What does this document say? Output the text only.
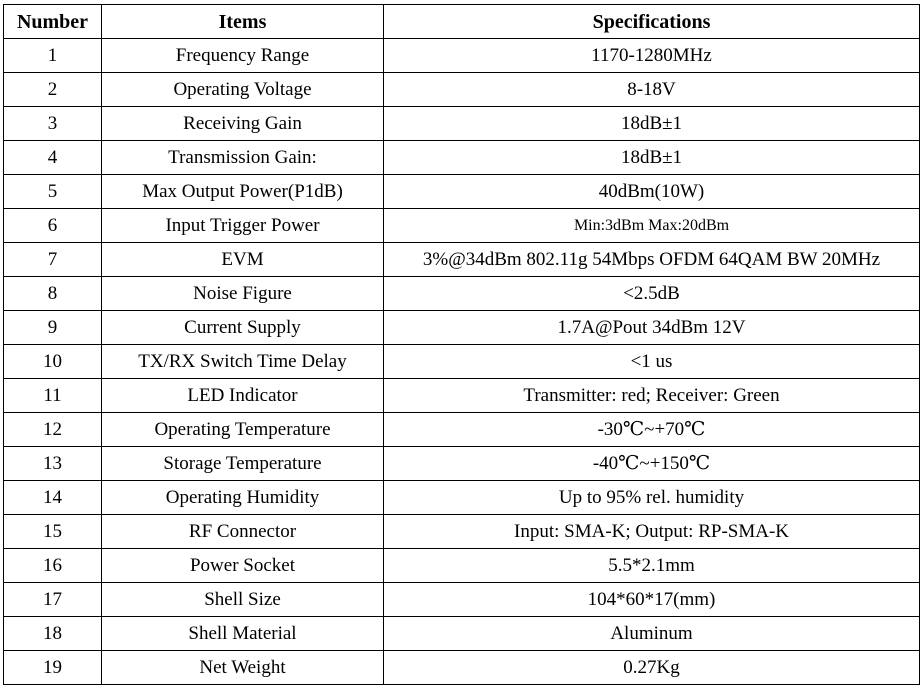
Number	Items	Specifications
1	Frequency Range	1170-1280MHz
2	Operating Voltage	8-18V
3	Receiving Gain	18dB±1
4	Transmission Gain:	18dB±1
5	Max Output Power(P1dB)	40dBm(10W)
6	Input Trigger Power	Min:3dBm Max:20dBm
7	EVM	3%@34dBm 802.11g 54Mbps OFDM 64QAM BW 20MHz
8	Noise Figure	<2.5dB
9	Current Supply	1.7A@Pout 34dBm 12V
10	TX/RX Switch Time Delay	<1 us
11	LED Indicator	Transmitter: red; Receiver: Green
12	Operating Temperature	-30℃~+70℃
13	Storage Temperature	-40℃~+150℃
14	Operating Humidity	Up to 95% rel. humidity
15	RF Connector	Input: SMA-K; Output: RP-SMA-K
16	Power Socket	5.5*2.1mm
17	Shell Size	104*60*17(mm)
18	Shell Material	Aluminum
19	Net Weight	0.27Kg
